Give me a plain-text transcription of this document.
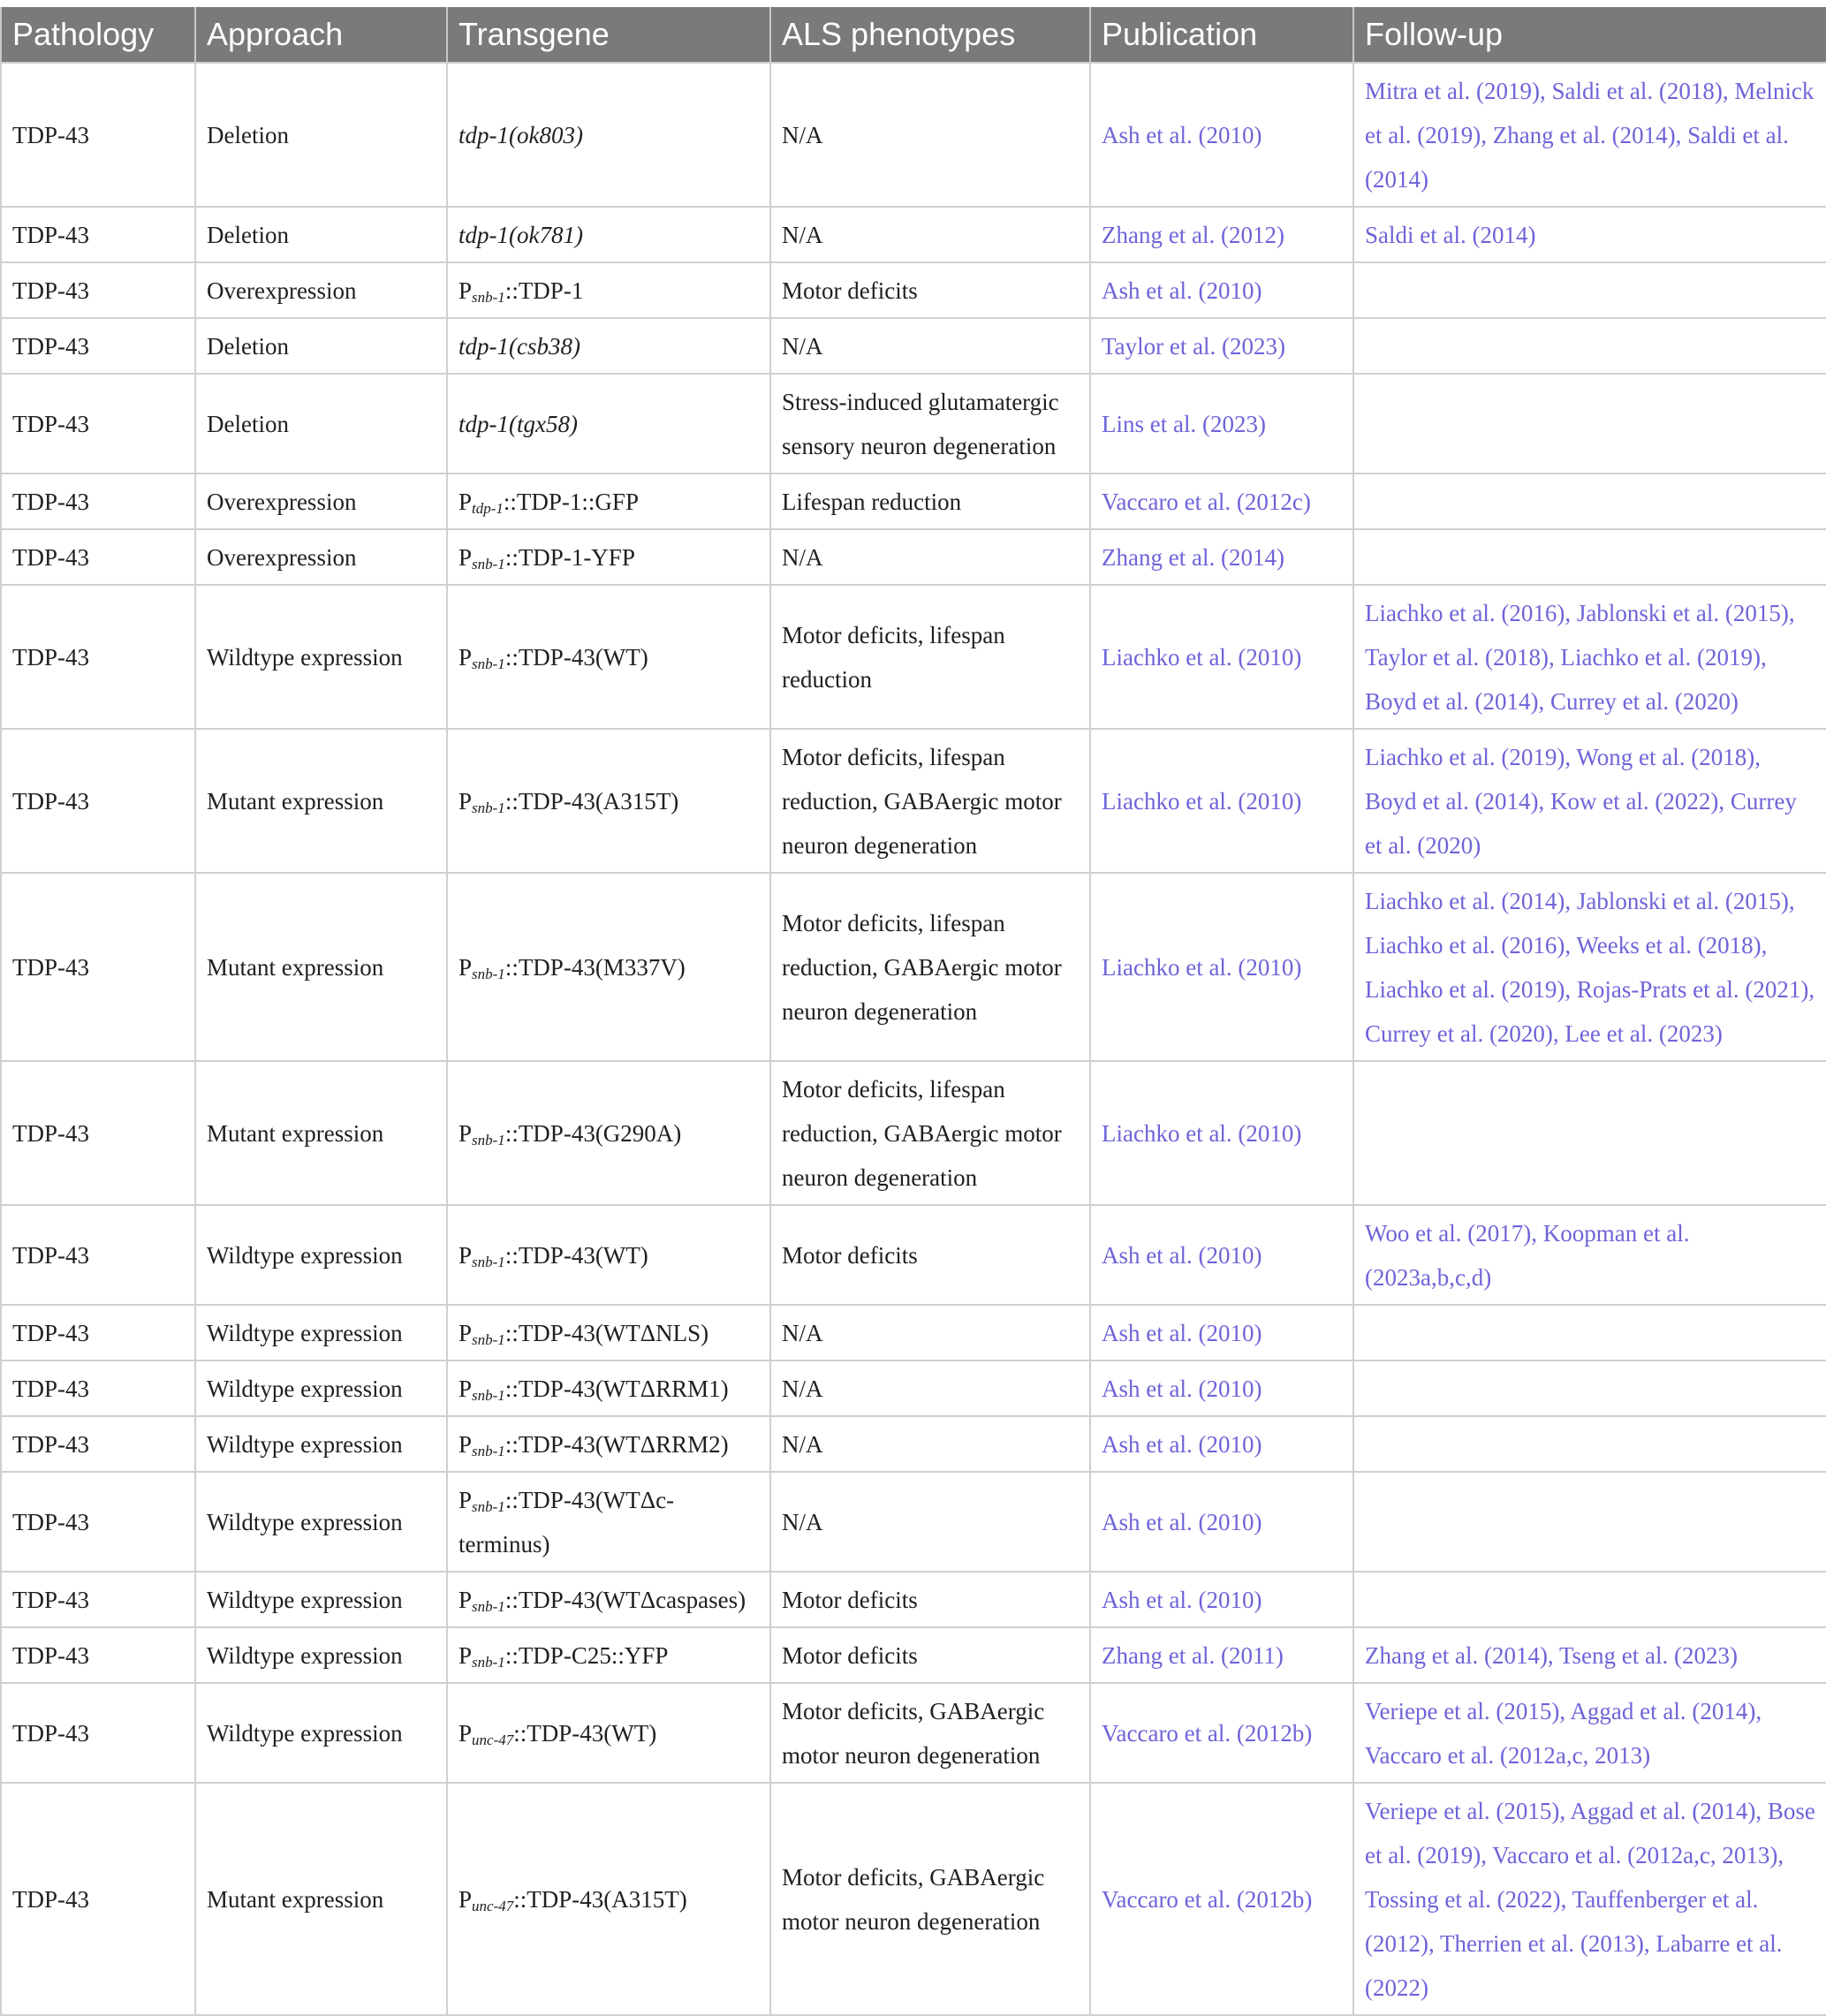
Pathology	Approach	Transgene	ALS phenotypes	Publication	Follow-up
TDP-43	Deletion	tdp-1(ok803)	N/A	Ash et al. (2010)	Mitra et al. (2019), Saldi et al. (2018), Melnick et al. (2019), Zhang et al. (2014), Saldi et al. (2014)
TDP-43	Deletion	tdp-1(ok781)	N/A	Zhang et al. (2012)	Saldi et al. (2014)
TDP-43	Overexpression	Psnb-1::TDP-1	Motor deficits	Ash et al. (2010)	
TDP-43	Deletion	tdp-1(csb38)	N/A	Taylor et al. (2023)	
TDP-43	Deletion	tdp-1(tgx58)	Stress-induced glutamatergic sensory neuron degeneration	Lins et al. (2023)	
TDP-43	Overexpression	Ptdp-1::TDP-1::GFP	Lifespan reduction	Vaccaro et al. (2012c)	
TDP-43	Overexpression	Psnb-1::TDP-1-YFP	N/A	Zhang et al. (2014)	
TDP-43	Wildtype expression	Psnb-1::TDP-43(WT)	Motor deficits, lifespan reduction	Liachko et al. (2010)	Liachko et al. (2016), Jablonski et al. (2015), Taylor et al. (2018), Liachko et al. (2019), Boyd et al. (2014), Currey et al. (2020)
TDP-43	Mutant expression	Psnb-1::TDP-43(A315T)	Motor deficits, lifespan reduction, GABAergic motor neuron degeneration	Liachko et al. (2010)	Liachko et al. (2019), Wong et al. (2018), Boyd et al. (2014), Kow et al. (2022), Currey et al. (2020)
TDP-43	Mutant expression	Psnb-1::TDP-43(M337V)	Motor deficits, lifespan reduction, GABAergic motor neuron degeneration	Liachko et al. (2010)	Liachko et al. (2014), Jablonski et al. (2015), Liachko et al. (2016), Weeks et al. (2018), Liachko et al. (2019), Rojas-Prats et al. (2021), Currey et al. (2020), Lee et al. (2023)
TDP-43	Mutant expression	Psnb-1::TDP-43(G290A)	Motor deficits, lifespan reduction, GABAergic motor neuron degeneration	Liachko et al. (2010)	
TDP-43	Wildtype expression	Psnb-1::TDP-43(WT)	Motor deficits	Ash et al. (2010)	Woo et al. (2017), Koopman et al. (2023a,b,c,d)
TDP-43	Wildtype expression	Psnb-1::TDP-43(WTΔNLS)	N/A	Ash et al. (2010)	
TDP-43	Wildtype expression	Psnb-1::TDP-43(WTΔRRM1)	N/A	Ash et al. (2010)	
TDP-43	Wildtype expression	Psnb-1::TDP-43(WTΔRRM2)	N/A	Ash et al. (2010)	
TDP-43	Wildtype expression	Psnb-1::TDP-43(WTΔc-terminus)	N/A	Ash et al. (2010)	
TDP-43	Wildtype expression	Psnb-1::TDP-43(WTΔcaspases)	Motor deficits	Ash et al. (2010)	
TDP-43	Wildtype expression	Psnb-1::TDP-C25::YFP	Motor deficits	Zhang et al. (2011)	Zhang et al. (2014), Tseng et al. (2023)
TDP-43	Wildtype expression	Punc-47::TDP-43(WT)	Motor deficits, GABAergic motor neuron degeneration	Vaccaro et al. (2012b)	Veriepe et al. (2015), Aggad et al. (2014), Vaccaro et al. (2012a,c, 2013)
TDP-43	Mutant expression	Punc-47::TDP-43(A315T)	Motor deficits, GABAergic motor neuron degeneration	Vaccaro et al. (2012b)	Veriepe et al. (2015), Aggad et al. (2014), Bose et al. (2019), Vaccaro et al. (2012a,c, 2013), Tossing et al. (2022), Tauffenberger et al. (2012), Therrien et al. (2013), Labarre et al. (2022)
